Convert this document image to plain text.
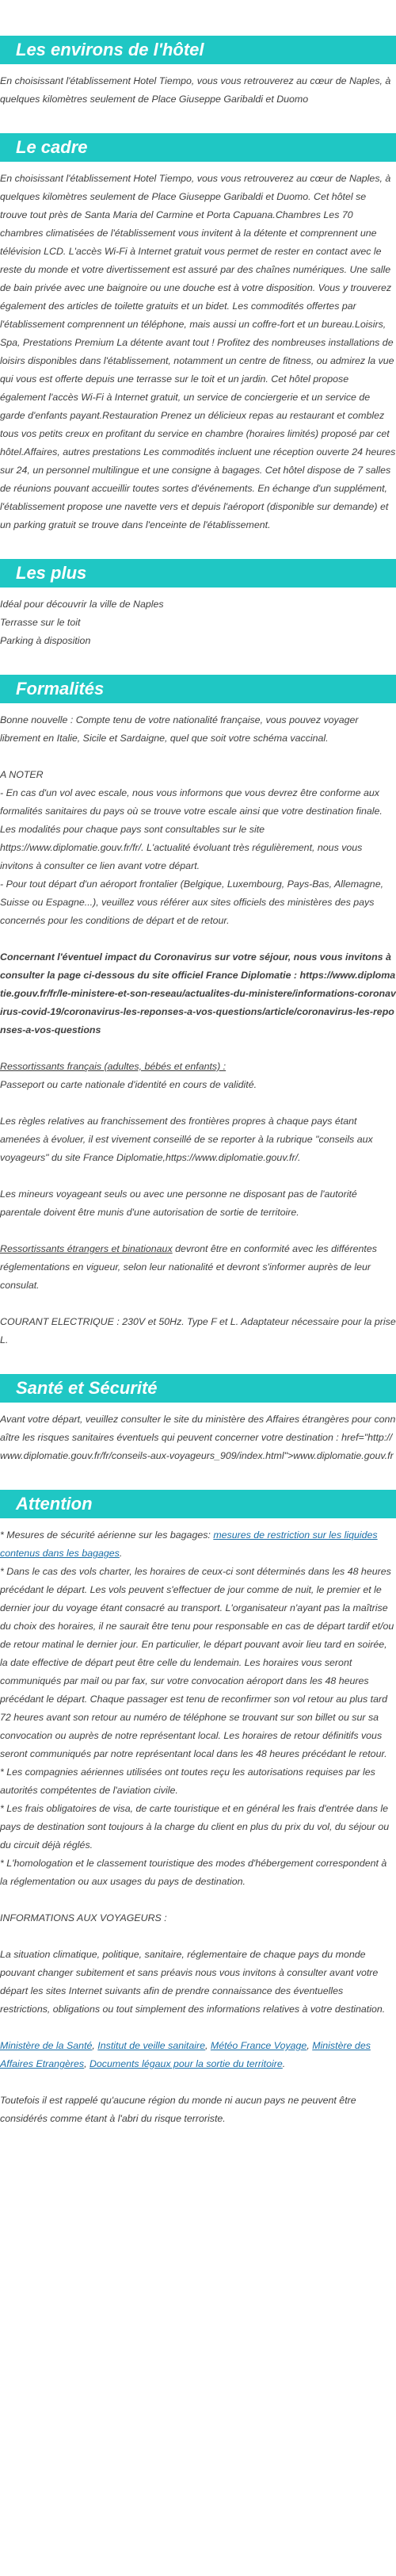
Les environs de l'hôtel

En choisissant l'établissement Hotel Tiempo, vous vous retrouverez au cœur de Naples, à quelques kilomètres seulement de Place Giuseppe Garibaldi et Duomo

Le cadre

En choisissant l'établissement Hotel Tiempo, vous vous retrouverez au cœur de Naples, à quelques kilomètres seulement de Place Giuseppe Garibaldi et Duomo. Cet hôtel se trouve tout près de Santa Maria del Carmine et Porta Capuana.Chambres Les 70 chambres climatisées de l'établissement vous invitent à la détente et comprennent une télévision LCD. L'accès Wi-Fi à Internet gratuit vous permet de rester en contact avec le reste du monde et votre divertissement est assuré par des chaînes numériques. Une salle de bain privée avec une baignoire ou une douche est à votre disposition. Vous y trouverez également des articles de toilette gratuits et un bidet. Les commodités offertes par l'établissement comprennent un téléphone, mais aussi un coffre-fort et un bureau.Loisirs, Spa, Prestations Premium La détente avant tout ! Profitez des nombreuses installations de loisirs disponibles dans l'établissement, notamment un centre de fitness, ou admirez la vue qui vous est offerte depuis une terrasse sur le toit et un jardin. Cet hôtel propose également l'accès Wi-Fi à Internet gratuit, un service de conciergerie et un service de garde d'enfants payant.Restauration Prenez un délicieux repas au restaurant et comblez tous vos petits creux en profitant du service en chambre (horaires limités) proposé par cet hôtel.Affaires, autres prestations Les commodités incluent une réception ouverte 24 heures sur 24, un personnel multilingue et une consigne à bagages. Cet hôtel dispose de 7 salles de réunions pouvant accueillir toutes sortes d'événements. En échange d'un supplément, l'établissement propose une navette vers et depuis l'aéroport (disponible sur demande) et un parking gratuit se trouve dans l'enceinte de l'établissement.

Les plus
Idéal pour découvrir la ville de Naples
Terrasse sur le toit
Parking à disposition
Formalités

Bonne nouvelle : Compte tenu de votre nationalité française, vous pouvez voyager librement en Italie, Sicile et Sardaigne, quel que soit votre schéma vaccinal.

A NOTER

- En cas d'un vol avec escale, nous vous informons que vous devrez être conforme aux formalités sanitaires du pays où se trouve votre escale ainsi que votre destination finale.

Les modalités pour chaque pays sont consultables sur le site https://www.diplomatie.gouv.fr/fr/. L'actualité évoluant très régulièrement, nous vous invitons à consulter ce lien avant votre départ.

- Pour tout départ d'un aéroport frontalier (Belgique, Luxembourg, Pays-Bas, Allemagne, Suisse ou Espagne...), veuillez vous référer aux sites officiels des ministères des pays concernés pour les conditions de départ et de retour.

Concernant l'éventuel impact du Coronavirus sur votre séjour, nous vous invitons à consulter la page ci-dessous du site officiel France Diplomatie : https://www.diplomatie.gouv.fr/fr/le-ministere-et-son-reseau/actualites-du-ministere/informations-coronavirus-covid-19/coronavirus-les-reponses-a-vos-questions/article/coronavirus-les-reponses-a-vos-questions

Ressortissants français (adultes, bébés et enfants) :

Passeport ou carte nationale d'identité en cours de validité.

Les règles relatives au franchissement des frontières propres à chaque pays étant amenées à évoluer, il est vivement conseillé de se reporter à la rubrique "conseils aux voyageurs" du site France Diplomatie,https://www.diplomatie.gouv.fr/.

Les mineurs voyageant seuls ou avec une personne ne disposant pas de l'autorité parentale doivent être munis d'une autorisation de sortie de territoire.

Ressortissants étrangers et binationaux devront être en conformité avec les différentes réglementations en vigueur, selon leur nationalité et devront s'informer auprès de leur consulat.

COURANT ELECTRIQUE : 230V et 50Hz. Type F et L. Adaptateur nécessaire pour la prise L.

Santé et Sécurité

Avant votre départ, veuillez consulter le site du ministère des Affaires étrangères pour connaître les risques sanitaires éventuels qui peuvent concerner votre destination : href="http://www.diplomatie.gouv.fr/fr/conseils-aux-voyageurs_909/index.html">www.diplomatie.gouv.fr

Attention

* Mesures de sécurité aérienne sur les bagages: mesures de restriction sur les liquides contenus dans les bagages.

* Dans le cas des vols charter, les horaires de ceux-ci sont déterminés dans les 48 heures précédant le départ. Les vols peuvent s'effectuer de jour comme de nuit, le premier et le dernier jour du voyage étant consacré au transport. L'organisateur n'ayant pas la maîtrise du choix des horaires, il ne saurait être tenu pour responsable en cas de départ tardif et/ou de retour matinal le dernier jour. En particulier, le départ pouvant avoir lieu tard en soirée, la date effective de départ peut être celle du lendemain. Les horaires vous seront communiqués par mail ou par fax, sur votre convocation aéroport dans les 48 heures précédant le départ. Chaque passager est tenu de reconfirmer son vol retour au plus tard 72 heures avant son retour au numéro de téléphone se trouvant sur son billet ou sur sa convocation ou auprès de notre représentant local. Les horaires de retour définitifs vous seront communiqués par notre représentant local dans les 48 heures précédant le retour.

* Les compagnies aériennes utilisées ont toutes reçu les autorisations requises par les autorités compétentes de l'aviation civile.

* Les frais obligatoires de visa, de carte touristique et en général les frais d'entrée dans le pays de destination sont toujours à la charge du client en plus du prix du vol, du séjour ou du circuit déjà réglés.

* L'homologation et le classement touristique des modes d'hébergement correspondent à la réglementation ou aux usages du pays de destination.

INFORMATIONS AUX VOYAGEURS :

La situation climatique, politique, sanitaire, réglementaire de chaque pays du monde pouvant changer subitement et sans préavis nous vous invitons à consulter avant votre départ les sites Internet suivants afin de prendre connaissance des éventuelles restrictions, obligations ou tout simplement des informations relatives à votre destination.

Ministère de la Santé, Institut de veille sanitaire, Météo France Voyage, Ministère des Affaires Etrangères, Documents légaux pour la sortie du territoire.

Toutefois il est rappelé qu'aucune région du monde ni aucun pays ne peuvent être considérés comme étant à l'abri du risque terroriste.
